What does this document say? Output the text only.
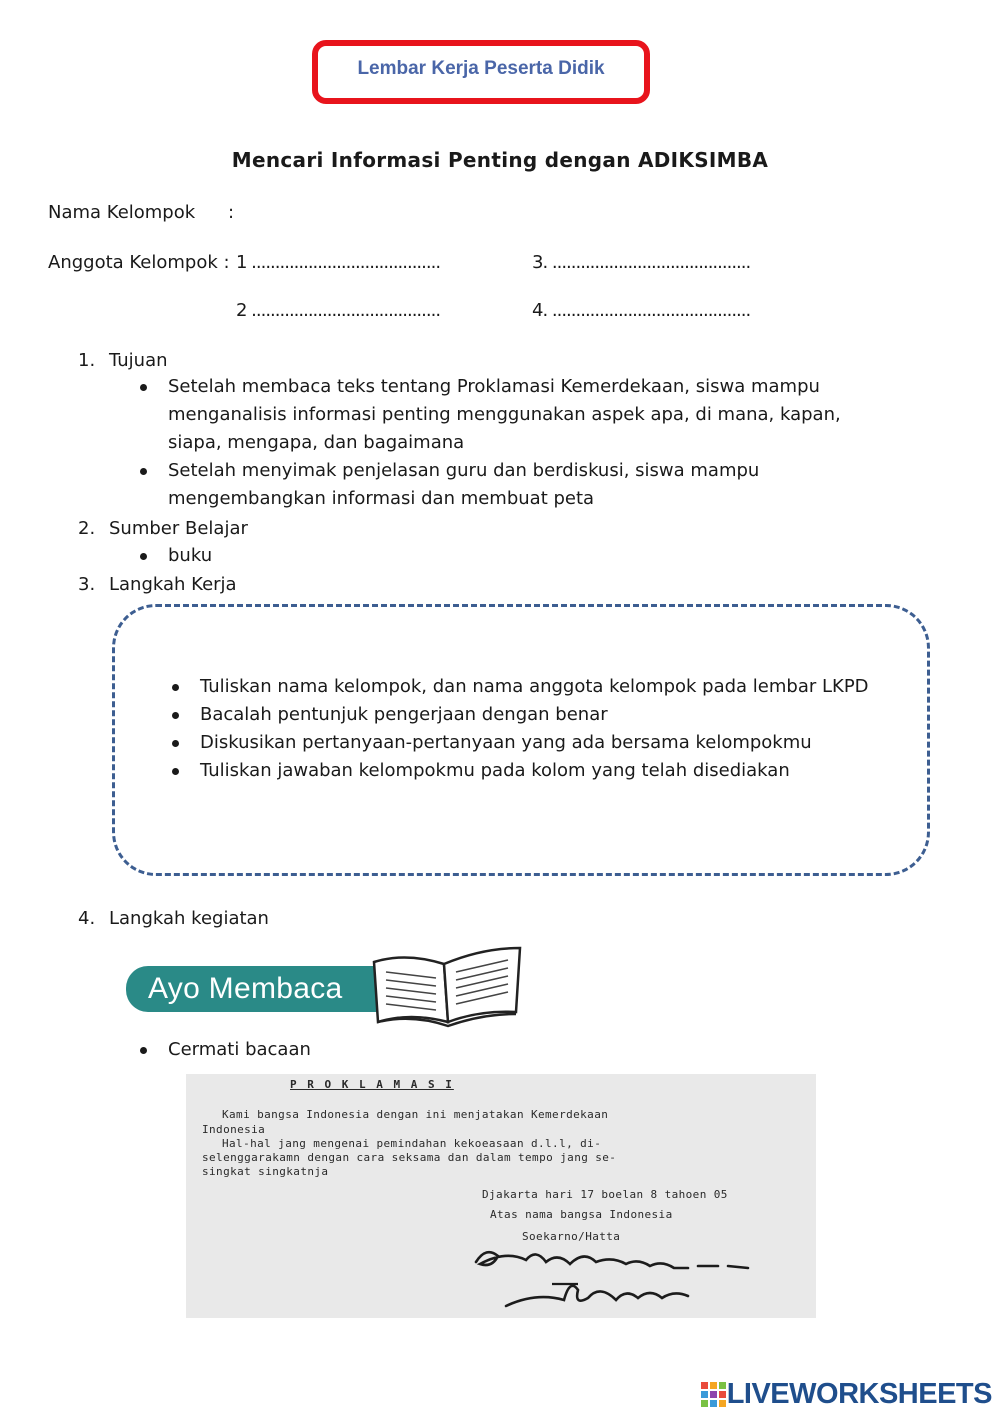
Lembar Kerja Peserta Didik
Mencari Informasi Penting dengan ADIKSIMBA
Nama Kelompok :
Anggota Kelompok : 1 ........................................	3. ..........................................
2 ........................................	4. ..........................................
1. Tujuan
Setelah membaca teks tentang Proklamasi Kemerdekaan, siswa mampu menganalisis informasi penting menggunakan aspek apa, di mana, kapan, siapa, mengapa, dan bagaimana
Setelah menyimak penjelasan guru dan berdiskusi, siswa mampu mengembangkan informasi dan membuat peta
2. Sumber Belajar
buku
3. Langkah Kerja
Tuliskan nama kelompok, dan nama anggota kelompok pada lembar LKPD
Bacalah pentunjuk pengerjaan dengan benar
Diskusikan pertanyaan-pertanyaan yang ada bersama kelompokmu
Tuliskan jawaban kelompokmu pada kolom yang telah disediakan
4. Langkah kegiatan
Ayo Membaca
Cermati bacaan
P R O K L A M A S I
Kami bangsa Indonesia dengan ini menjatakan Kemerdekaan
Indonesia
Hal-hal jang mengenai pemindahan kekoeasaan d.l.l, di-
selenggarakamn dengan cara seksama dan dalam tempo jang se-
singkat singkatnja
Djakarta hari 17 boelan 8 tahoen 05
Atas nama bangsa Indonesia
Soekarno/Hatta
LIVEWORKSHEETS
